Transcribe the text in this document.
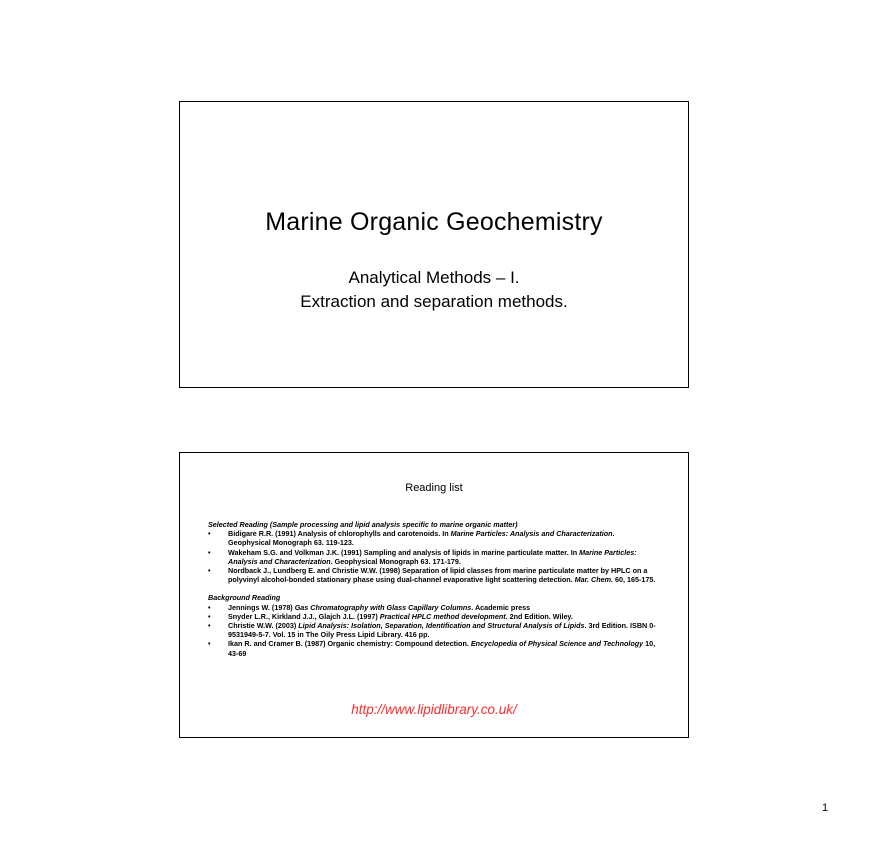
Marine Organic Geochemistry
Analytical Methods – I.
Extraction and separation methods.
Reading list

Selected Reading (Sample processing and lipid analysis specific to marine organic matter)

• Bidigare R.R. (1991) Analysis of chlorophylls and carotenoids. In Marine Particles: Analysis and Characterization. Geophysical Monograph 63. 119-123.
• Wakeham S.G. and Volkman J.K. (1991) Sampling and analysis of lipids in marine particulate matter. In Marine Particles: Analysis and Characterization. Geophysical Monograph 63. 171-179.
• Nordback J., Lundberg E. and Christie W.W. (1998) Separation of lipid classes from marine particulate matter by HPLC on a polyvinyl alcohol-bonded stationary phase using dual-channel evaporative light scattering detection. Mar. Chem. 60, 165-175.

Background Reading

• Jennings W. (1978) Gas Chromatography with Glass Capillary Columns. Academic press
• Snyder L.R., Kirkland J.J., Glajch J.L. (1997) Practical HPLC method development. 2nd Edition. Wiley.
• Christie W.W. (2003) Lipid Analysis: Isolation, Separation, Identification and Structural Analysis of Lipids. 3rd Edition. ISBN 0-9531949-5-7. Vol. 15 in The Oily Press Lipid Library. 416 pp.
• Ikan R. and Cramer B. (1987) Organic chemistry: Compound detection. Encyclopedia of Physical Science and Technology 10, 43-69
http://www.lipidlibrary.co.uk/
1
